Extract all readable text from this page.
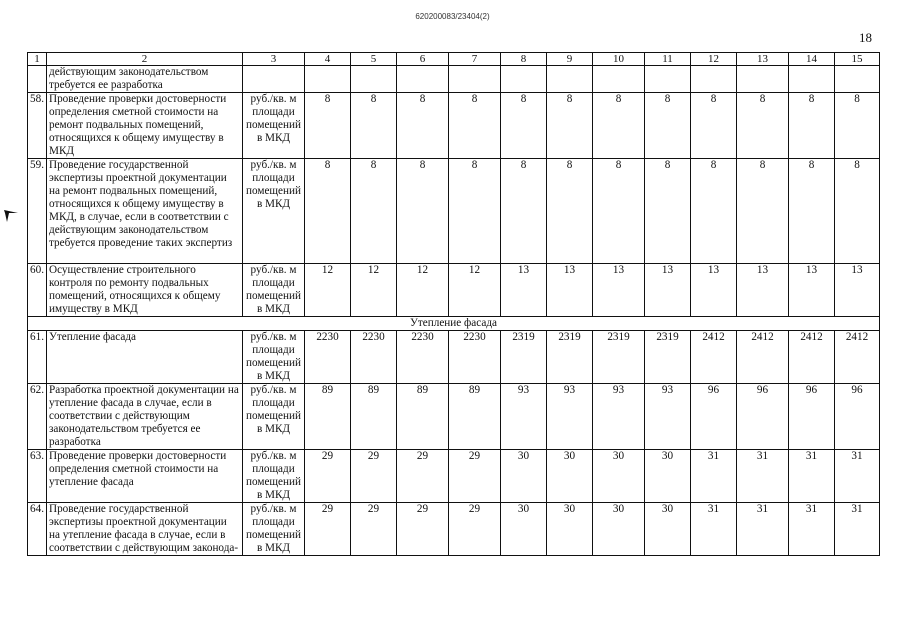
620200083/23404(2)
18
1	2	3	4	5	6	7	8	9	10	11	12	13	14	15
	действующим законодательством требуется ее разработка													
58.	Проведение проверки достоверности определения сметной стоимости на ремонт подвальных помещений, относящихся к общему имуществу в МКД	руб./кв. м площади помещений в МКД	8	8	8	8	8	8	8	8	8	8	8	8
59.	Проведение государственной экспертизы проектной документации на ремонт подвальных помещений, относящихся к общему имуществу в МКД, в случае, если в соответствии с действующим законодательством требуется проведение таких экспертиз	руб./кв. м площади помещений в МКД	8	8	8	8	8	8	8	8	8	8	8	8
60.	Осуществление строительного контроля по ремонту подвальных помещений, относящихся к общему имуществу в МКД	руб./кв. м площади помещений в МКД	12	12	12	12	13	13	13	13	13	13	13	13
Утепление фасада														
61.	Утепление фасада	руб./кв. м площади помещений в МКД	2230	2230	2230	2230	2319	2319	2319	2319	2412	2412	2412	2412
62.	Разработка проектной документации на утепление фасада в случае, если в соответствии с действующим законодательством требуется ее разработка	руб./кв. м площади помещений в МКД	89	89	89	89	93	93	93	93	96	96	96	96
63.	Проведение проверки достоверности определения сметной стоимости на утепление фасада	руб./кв. м площади помещений в МКД	29	29	29	29	30	30	30	30	31	31	31	31
64.	Проведение государственной экспертизы проектной документации на утепление фасада в случае, если в соответствии с действующим законода-	руб./кв. м площади помещений в МКД	29	29	29	29	30	30	30	30	31	31	31	31
